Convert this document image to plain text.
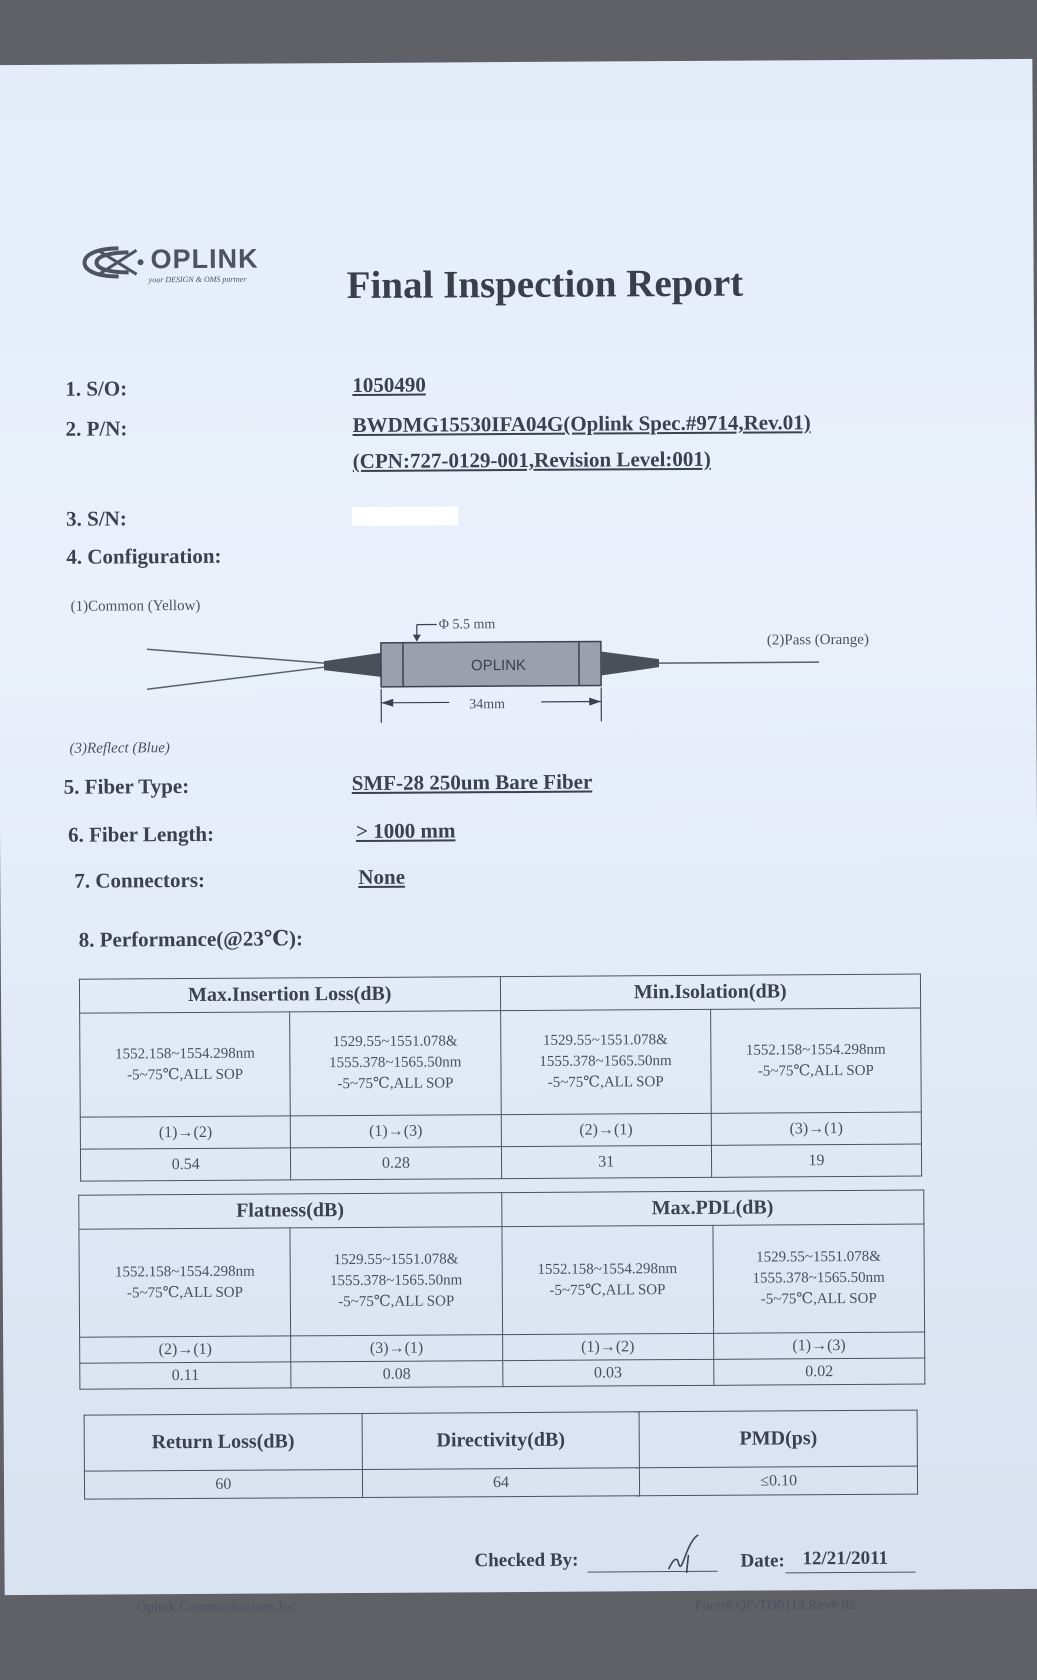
OPLINK
your DESIGN & OMS partner	Final Inspection Report
1. S/O:	1050490
2. P/N:	BWDMG15530IFA04G(Oplink Spec.#9714,Rev.01)
(CPN:727-0129-001,Revision Level:001)
3. S/N:
4. Configuration:
(1)Common (Yellow)
(3)Reflect (Blue)
(2)Pass (Orange)
Φ 5.5 mm
OPLINK
34mm
5. Fiber Type:	SMF-28 250um Bare Fiber
6. Fiber Length:	> 1000 mm
7. Connectors:	None
8. Performance(@23℃):
Max.Insertion Loss(dB)		Min.Isolation(dB)	

1552.158~1554.298nm
-5~75℃,ALL SOP	1529.55~1551.078&
1555.378~1565.50nm
-5~75℃,ALL SOP	1529.55~1551.078&
1555.378~1565.50nm
-5~75℃,ALL SOP	1552.158~1554.298nm
-5~75℃,ALL SOP

(1)→(2)	(1)→(3)	(2)→(1)	(3)→(1)
0.54	0.28	31	19
Flatness(dB)		Max.PDL(dB)	

1552.158~1554.298nm
-5~75℃,ALL SOP	1529.55~1551.078&
1555.378~1565.50nm
-5~75℃,ALL SOP	1552.158~1554.298nm
-5~75℃,ALL SOP	1529.55~1551.078&
1555.378~1565.50nm
-5~75℃,ALL SOP

(2)→(1)	(3)→(1)	(1)→(2)	(1)→(3)
0.11	0.08	0.03	0.02
Return Loss(dB)	Directivity(dB)	PMD(ps)
60	64	≤0.10
Checked By:	Date: 12/21/2011
Oplink Communications,Inc.	Form#:QF-TD0113,Rev#:02
